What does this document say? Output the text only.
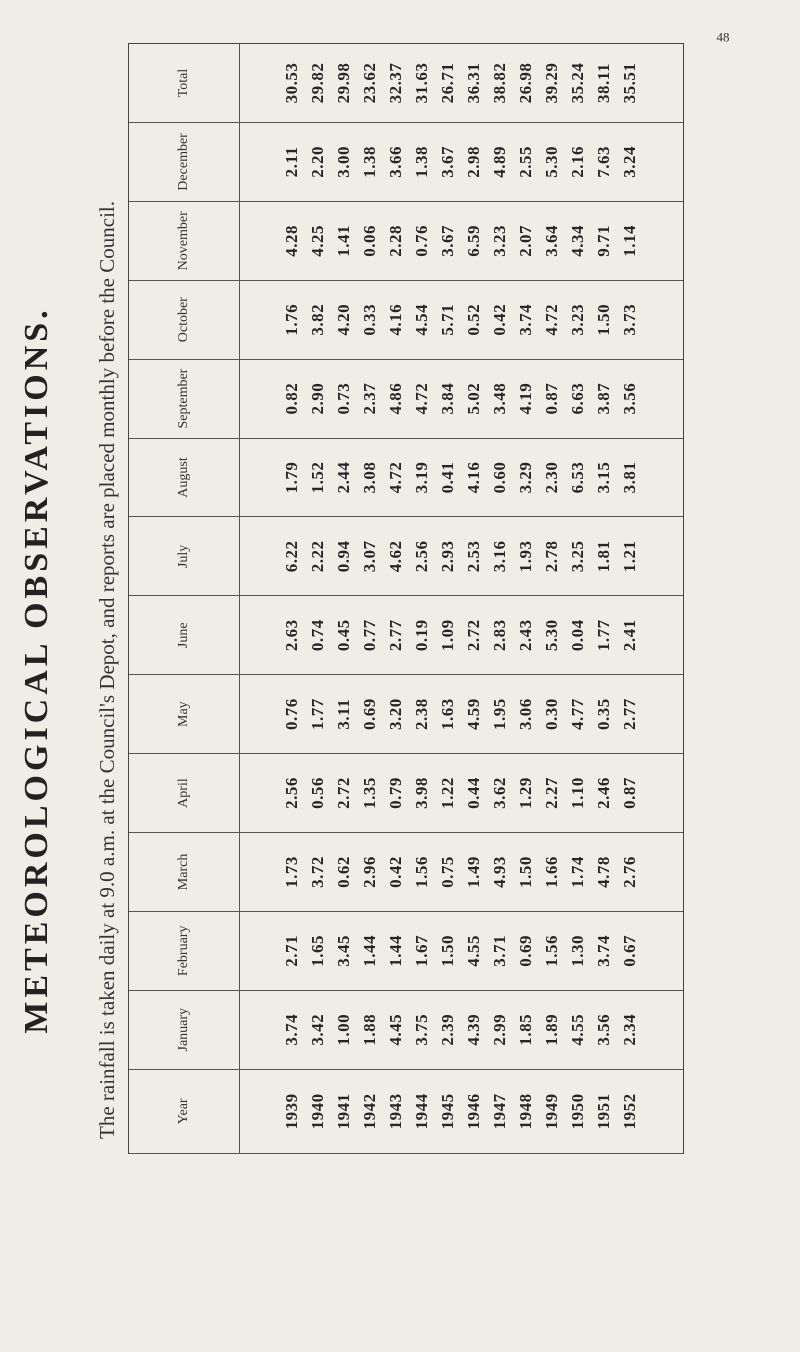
METEOROLOGICAL OBSERVATIONS. The rainfall is taken daily at 9.0 a.m. at the Council's Depot, and reports are placed monthly before the Council.	Year	1939 1940 1941 1942 1943 1944 1945 1946 1947 1948 1949 1950 1951 1952
January	3.74 3.42 1.00 1.88 4.45 3.75 2.39 4.39 2.99 1.85 1.89 4.55 3.56 2.34
February	2.71 1.65 3.45 1.44 1.44 1.67 1.50 4.55 3.71 0.69 1.56 1.30 3.74 0.67
March	1.73 3.72 0.62 2.96 0.42 1.56 0.75 1.49 4.93 1.50 1.66 1.74 4.78 2.76
April	2.56 0.56 2.72 1.35 0.79 3.98 1.22 0.44 3.62 1.29 2.27 1.10 2.46 0.87
May	0.76 1.77 3.11 0.69 3.20 2.38 1.63 4.59 1.95 3.06 0.30 4.77 0.35 2.77
June	2.63 0.74 0.45 0.77 2.77 0.19 1.09 2.72 2.83 2.43 5.30 0.04 1.77 2.41
July	6.22 2.22 0.94 3.07 4.62 2.56 2.93 2.53 3.16 1.93 2.78 3.25 1.81 1.21
August	1.79 1.52 2.44 3.08 4.72 3.19 0.41 4.16 0.60 3.29 2.30 6.53 3.15 3.81
September	0.82 2.90 0.73 2.37 4.86 4.72 3.84 5.02 3.48 4.19 0.87 6.63 3.87 3.56
October	1.76 3.82 4.20 0.33 4.16 4.54 5.71 0.52 0.42 3.74 4.72 3.23 1.50 3.73
November	4.28 4.25 1.41 0.06 2.28 0.76 3.67 6.59 3.23 2.07 3.64 4.34 9.71 1.14
December	2.11 2.20 3.00 1.38 3.66 1.38 3.67 2.98 4.89 2.55 5.30 2.16 7.63 3.24
Total	30.53 29.82 29.98 23.62 32.37 31.63 26.71 36.31 38.82 26.98 39.29 35.24 38.11 35.51
48
